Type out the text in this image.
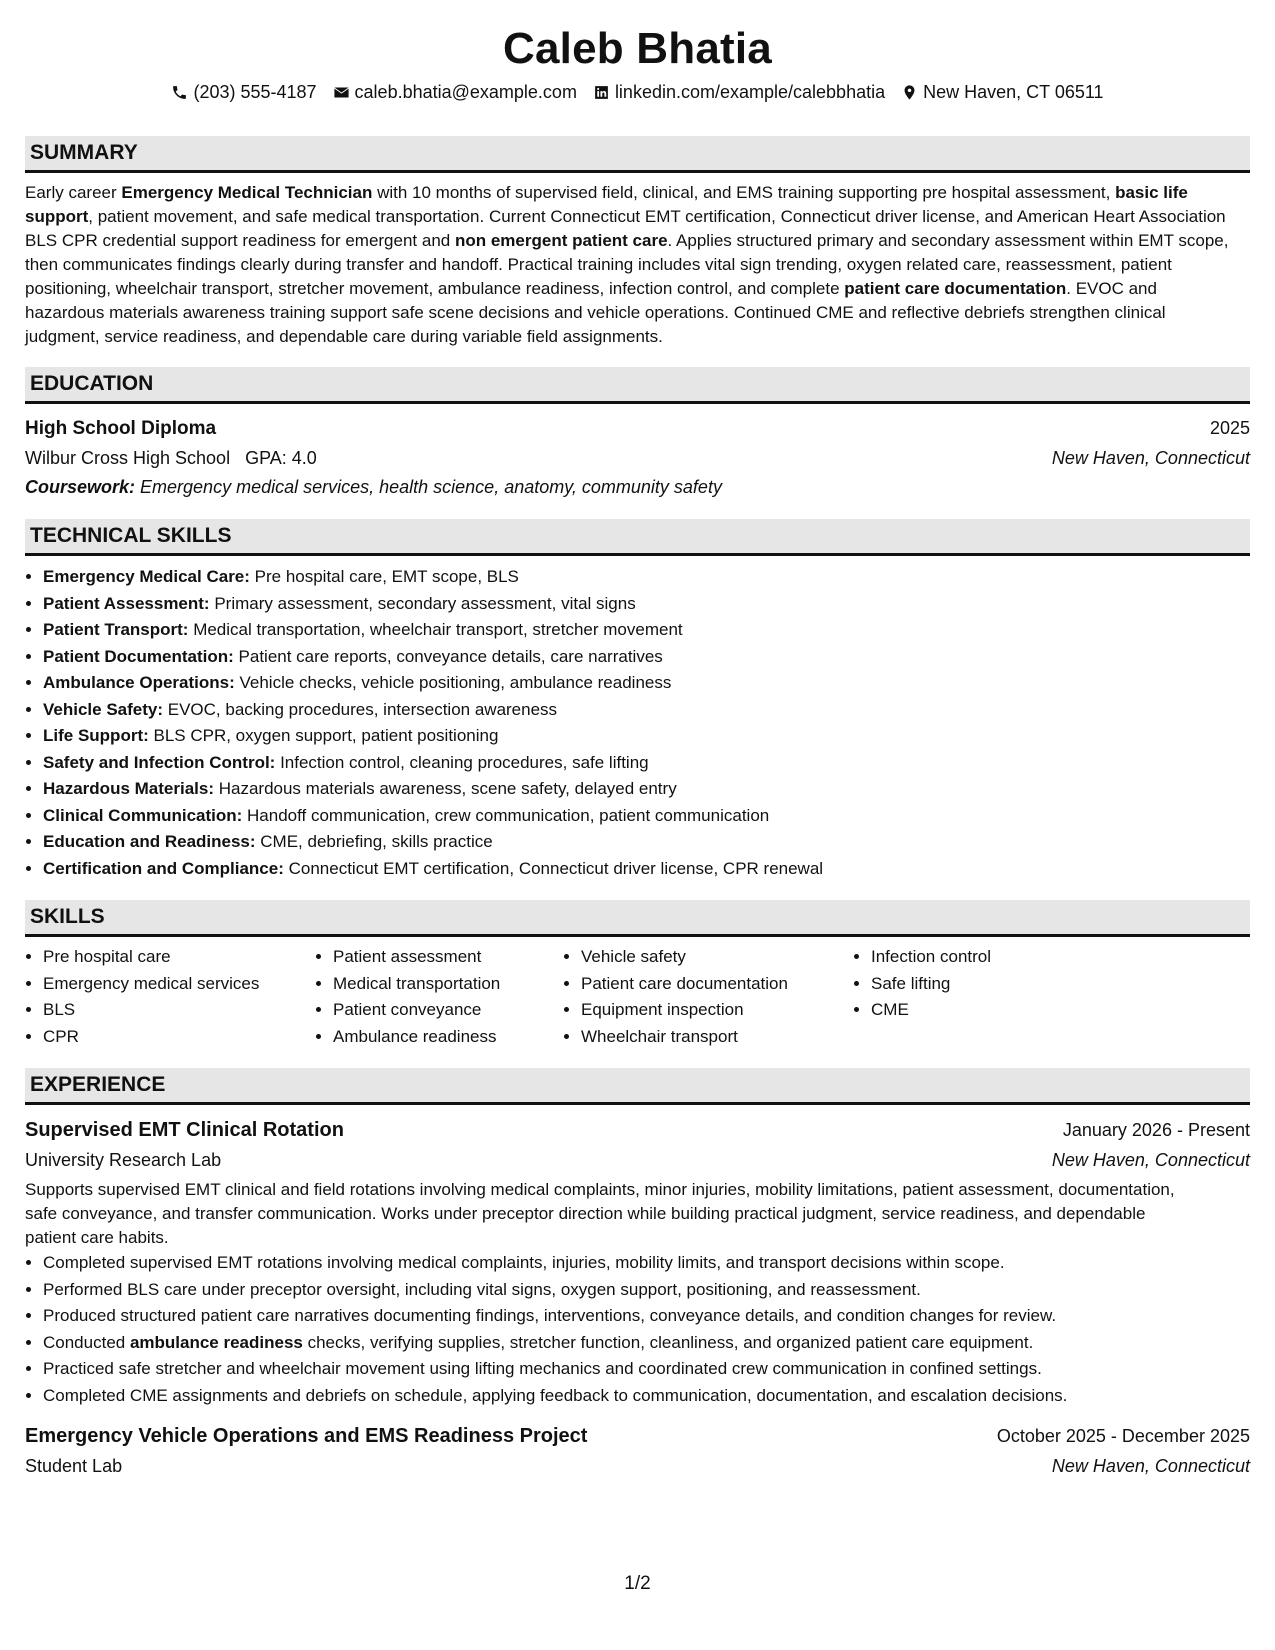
Caleb Bhatia
(203) 555-4187 caleb.bhatia@example.com linkedin.com/example/calebbhatia New Haven, CT 06511
SUMMARY
Early career Emergency Medical Technician with 10 months of supervised field, clinical, and EMS training supporting pre hospital assessment, basic life support, patient movement, and safe medical transportation. Current Connecticut EMT certification, Connecticut driver license, and American Heart Association BLS CPR credential support readiness for emergent and non emergent patient care. Applies structured primary and secondary assessment within EMT scope, then communicates findings clearly during transfer and handoff. Practical training includes vital sign trending, oxygen related care, reassessment, patient positioning, wheelchair transport, stretcher movement, ambulance readiness, infection control, and complete patient care documentation. EVOC and hazardous materials awareness training support safe scene decisions and vehicle operations. Continued CME and reflective debriefs strengthen clinical judgment, service readiness, and dependable care during variable field assignments.
EDUCATION
High School Diploma	2025
Wilbur Cross High School GPA: 4.0	New Haven, Connecticut
Coursework: Emergency medical services, health science, anatomy, community safety
TECHNICAL SKILLS
• Emergency Medical Care: Pre hospital care, EMT scope, BLS
• Patient Assessment: Primary assessment, secondary assessment, vital signs
• Patient Transport: Medical transportation, wheelchair transport, stretcher movement
• Patient Documentation: Patient care reports, conveyance details, care narratives
• Ambulance Operations: Vehicle checks, vehicle positioning, ambulance readiness
• Vehicle Safety: EVOC, backing procedures, intersection awareness
• Life Support: BLS CPR, oxygen support, patient positioning
• Safety and Infection Control: Infection control, cleaning procedures, safe lifting
• Hazardous Materials: Hazardous materials awareness, scene safety, delayed entry
• Clinical Communication: Handoff communication, crew communication, patient communication
• Education and Readiness: CME, debriefing, skills practice
• Certification and Compliance: Connecticut EMT certification, Connecticut driver license, CPR renewal
SKILLS
• Pre hospital care
• Emergency medical services
• BLS
• CPR
• Patient assessment
• Medical transportation
• Patient conveyance
• Ambulance readiness
• Vehicle safety
• Patient care documentation
• Equipment inspection
• Wheelchair transport
• Infection control
• Safe lifting
• CME
EXPERIENCE
Supervised EMT Clinical Rotation	January 2026 - Present
University Research Lab	New Haven, Connecticut
Supports supervised EMT clinical and field rotations involving medical complaints, minor injuries, mobility limitations, patient assessment, documentation, safe conveyance, and transfer communication. Works under preceptor direction while building practical judgment, service readiness, and dependable patient care habits.
• Completed supervised EMT rotations involving medical complaints, injuries, mobility limits, and transport decisions within scope.
• Performed BLS care under preceptor oversight, including vital signs, oxygen support, positioning, and reassessment.
• Produced structured patient care narratives documenting findings, interventions, conveyance details, and condition changes for review.
• Conducted ambulance readiness checks, verifying supplies, stretcher function, cleanliness, and organized patient care equipment.
• Practiced safe stretcher and wheelchair movement using lifting mechanics and coordinated crew communication in confined settings.
• Completed CME assignments and debriefs on schedule, applying feedback to communication, documentation, and escalation decisions.
Emergency Vehicle Operations and EMS Readiness Project	October 2025 - December 2025
Student Lab	New Haven, Connecticut
1/2
